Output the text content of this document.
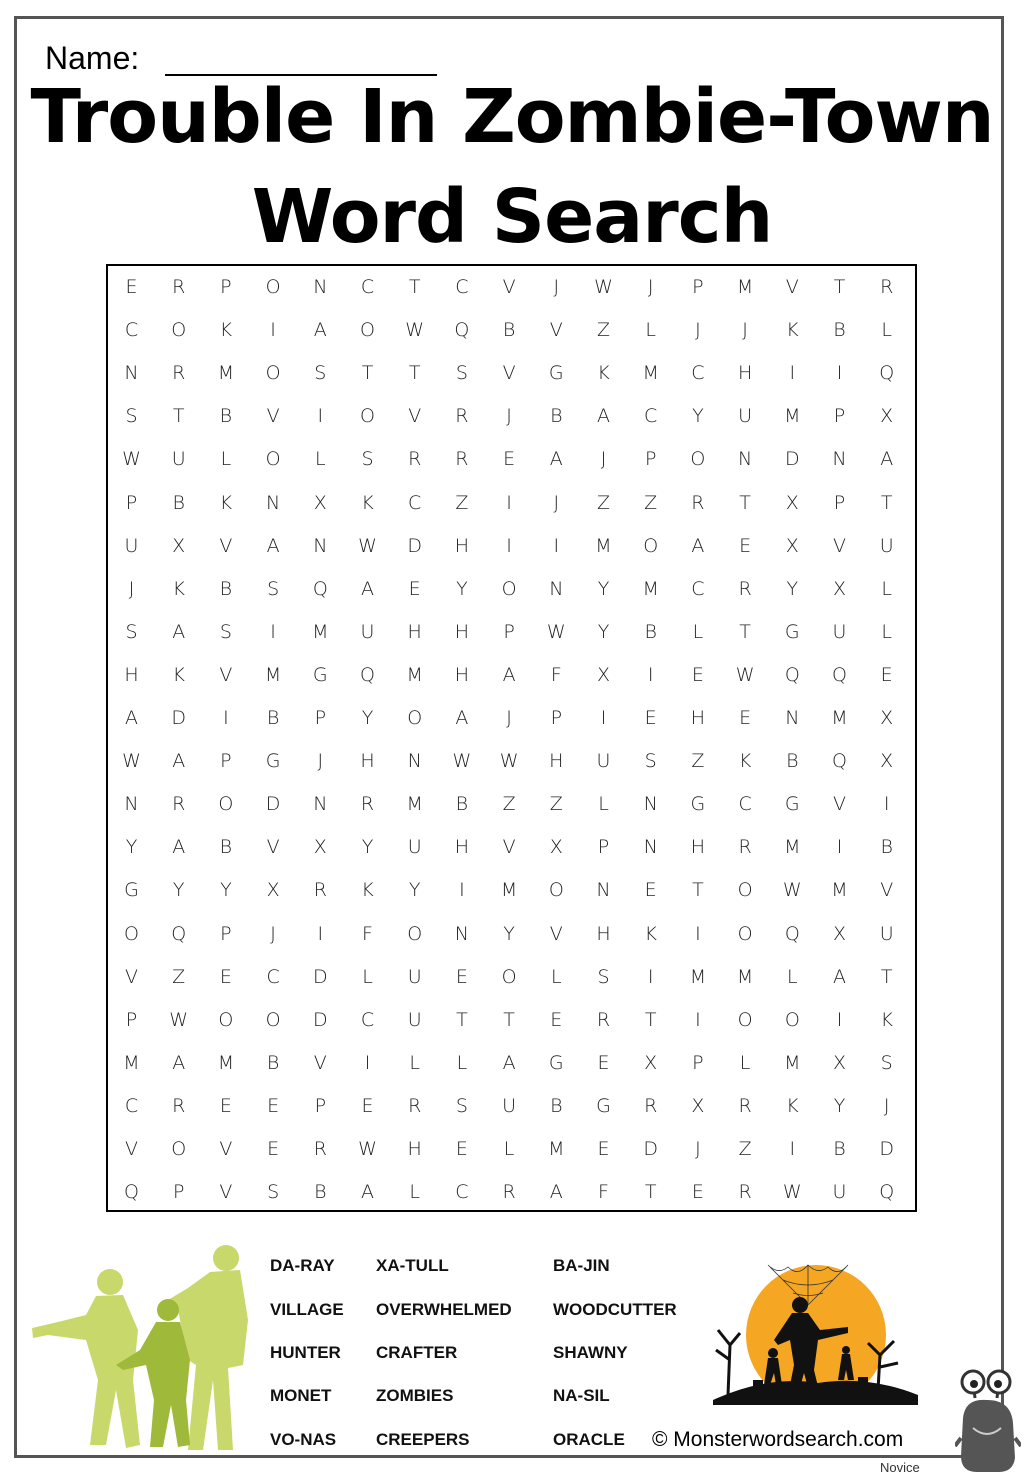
Name:
Trouble In Zombie-Town
Word Search
E	R	P	O	N	C	T	C	V	J	W	J	P	M	V	T	R
C	O	K	I	A	O	W	Q	B	V	Z	L	J	J	K	B	L
N	R	M	O	S	T	T	S	V	G	K	M	C	H	I	I	Q
S	T	B	V	I	O	V	R	J	B	A	C	Y	U	M	P	X
W	U	L	O	L	S	R	R	E	A	J	P	O	N	D	N	A
P	B	K	N	X	K	C	Z	I	J	Z	Z	R	T	X	P	T
U	X	V	A	N	W	D	H	I	I	M	O	A	E	X	V	U
J	K	B	S	Q	A	E	Y	O	N	Y	M	C	R	Y	X	L
S	A	S	I	M	U	H	H	P	W	Y	B	L	T	G	U	L
H	K	V	M	G	Q	M	H	A	F	X	I	E	W	Q	Q	E
A	D	I	B	P	Y	O	A	J	P	I	E	H	E	N	M	X
W	A	P	G	J	H	N	W	W	H	U	S	Z	K	B	Q	X
N	R	O	D	N	R	M	B	Z	Z	L	N	G	C	G	V	I
Y	A	B	V	X	Y	U	H	V	X	P	N	H	R	M	I	B
G	Y	Y	X	R	K	Y	I	M	O	N	E	T	O	W	M	V
O	Q	P	J	I	F	O	N	Y	V	H	K	I	O	Q	X	U
V	Z	E	C	D	L	U	E	O	L	S	I	M	M	L	A	T
P	W	O	O	D	C	U	T	T	E	R	T	I	O	O	I	K
M	A	M	B	V	I	L	L	A	G	E	X	P	L	M	X	S
C	R	E	E	P	E	R	S	U	B	G	R	X	R	K	Y	J
V	O	V	E	R	W	H	E	L	M	E	D	J	Z	I	B	D
Q	P	V	S	B	A	L	C	R	A	F	T	E	R	W	U	Q
DA-RAY XA-TULL	BA-JIN
VILLAGE OVERWHELMED WOODCUTTER
HUNTER CRAFTER	SHAWNY
MONET	ZOMBIES	NA-SIL
VO-NAS CREEPERS	ORACLE © Monsterwordsearch.com
Novice
